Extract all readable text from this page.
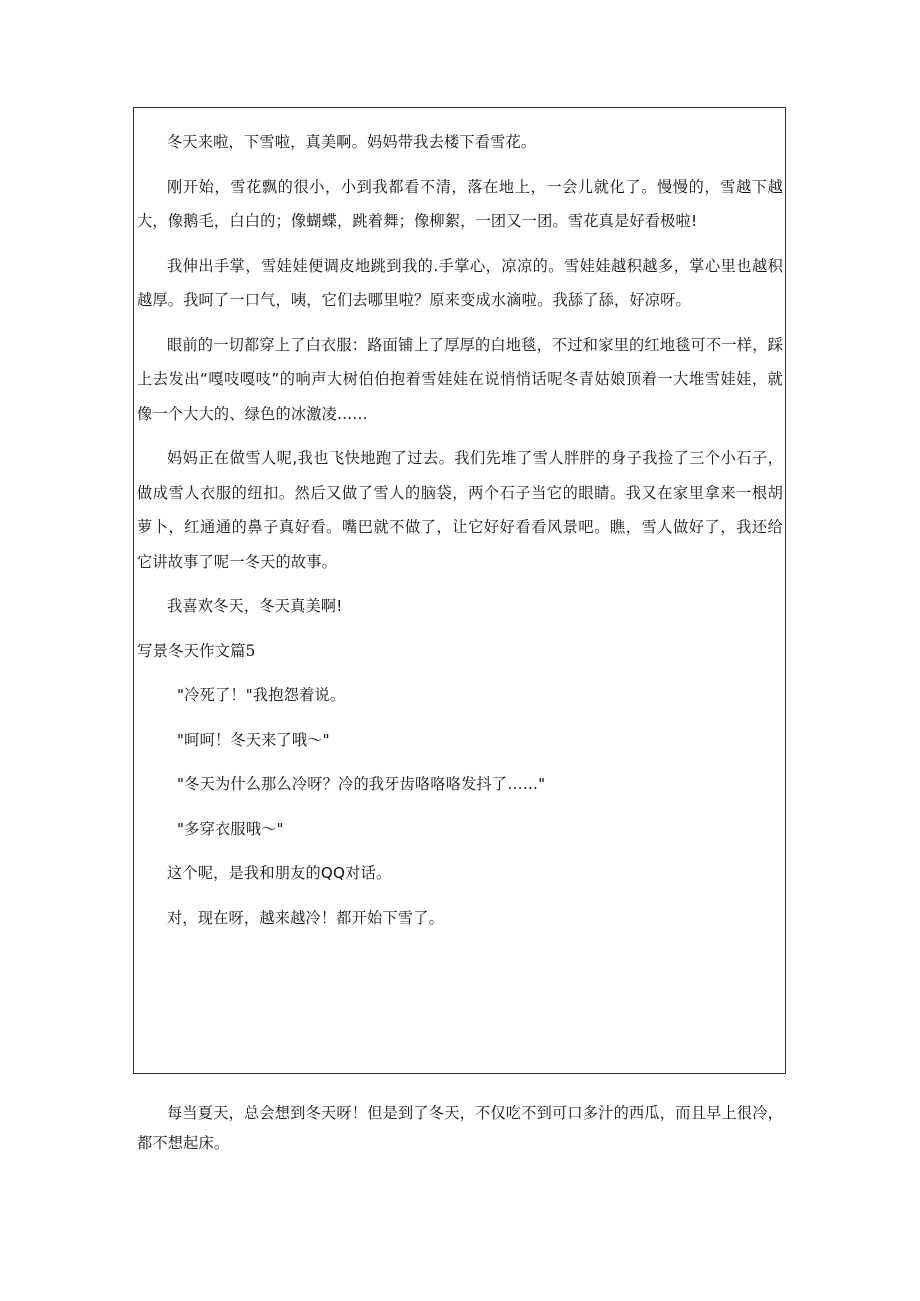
冬天来啦，下雪啦，真美啊。妈妈带我去楼下看雪花。

刚开始，雪花飘的很小，小到我都看不清，落在地上，一会儿就化了。慢慢的，雪越下越大，像鹅毛，白白的；像蝴蝶，跳着舞；像柳絮，一团又一团。雪花真是好看极啦!

我伸出手掌，雪娃娃便调皮地跳到我的.手掌心，凉凉的。雪娃娃越积越多，掌心里也越积越厚。我呵了一口气，咦，它们去哪里啦？原来变成水滴啦。我舔了舔，好凉呀。

眼前的一切都穿上了白衣服：路面铺上了厚厚的白地毯，不过和家里的红地毯可不一样，踩上去发出“嘎吱嘎吱”的响声大树伯伯抱着雪娃娃在说悄悄话呢冬青姑娘顶着一大堆雪娃娃，就像一个大大的、绿色的冰激凌……

妈妈正在做雪人呢,我也飞快地跑了过去。我们先堆了雪人胖胖的身子我捡了三个小石子，做成雪人衣服的纽扣。然后又做了雪人的脑袋，两个石子当它的眼睛。我又在家里拿来一根胡萝卜，红通通的鼻子真好看。嘴巴就不做了，让它好好看看风景吧。瞧，雪人做好了，我还给它讲故事了呢一冬天的故事。

我喜欢冬天，冬天真美啊!

写景冬天作文篇5

"冷死了！"我抱怨着说。

"呵呵！冬天来了哦～"

"冬天为什么那么冷呀？冷的我牙齿咯咯咯发抖了……"

"多穿衣服哦～"

这个呢，是我和朋友的QQ对话。

对，现在呀，越来越冷！都开始下雪了。

每当夏天，总会想到冬天呀！但是到了冬天，不仅吃不到可口多汁的西瓜，而且早上很冷，都不想起床。
